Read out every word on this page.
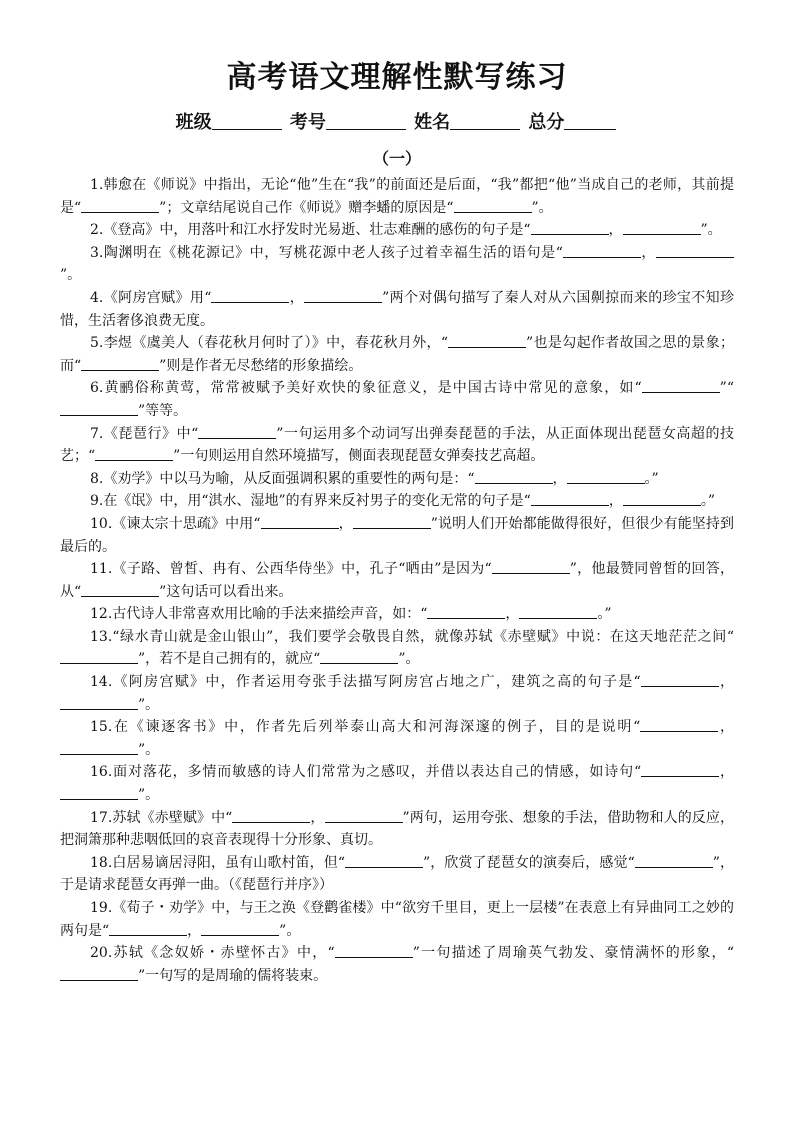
高考语文理解性默写练习
班级	考号	姓名	总分
（一）

1.韩愈在《师说》中指出，无论“他”生在“我”的前面还是后面，“我”都把“他”当成自己的老师，其前提是“	”；文章结尾说自己作《师说》赠李蟠的原因是“	”。

2.《登高》中，用落叶和江水抒发时光易逝、壮志难酬的感伤的句子是“	，	”。

3.陶渊明在《桃花源记》中，写桃花源中老人孩子过着幸福生活的语句是“	，”。

4.《阿房宫赋》用“	，	”两个对偶句描写了秦人对从六国劓掠而来的珍宝不知珍惜，生活奢侈浪费无度。

5.李煜《虞美人（春花秋月何时了）》中，春花秋月外，“	”也是勾起作者故国之思的景象；而“	”则是作者无尽愁绪的形象描绘。

6.黄鹂俗称黄莺，常常被赋予美好欢快的象征意义，是中国古诗中常见的意象，如“	”“”等等。

7.《琵琶行》中“	”一句运用多个动词写出弹奏琵琶的手法，从正面体现出琵琶女高超的技艺；“	”一句则运用自然环境描写，侧面表现琵琶女弹奏技艺高超。

8.《劝学》中以马为喻，从反面强调积累的重要性的两句是：“	，	。”

9.在《氓》中，用“淇水、湿地”的有界来反衬男子的变化无常的句子是“	，	。”

10.《谏太宗十思疏》中用“	，	”说明人们开始都能做得很好，但很少有能坚持到最后的。

11.《子路、曾皙、冉有、公西华侍坐》中，孔子“哂由”是因为“	”，他最赞同曾皙的回答，从“	”这句话可以看出来。

12.古代诗人非常喜欢用比喻的手法来描绘声音，如：“	，	。”

13.“绿水青山就是金山银山”，我们要学会敬畏自然，就像苏轼《赤壁赋》中说：在这天地茫茫之间“”，若不是自己拥有的，就应“	”。

14.《阿房宫赋》中，作者运用夸张手法描写阿房宫占地之广，建筑之高的句子是“	，”。

15.在《谏逐客书》中，作者先后列举泰山高大和河海深邃的例子，目的是说明“	，”。

16.面对落花，多情而敏感的诗人们常常为之感叹，并借以表达自己的情感，如诗句“	，”。

17.苏轼《赤壁赋》中“	，	”两句，运用夸张、想象的手法，借助物和人的反应，把洞箫那种悲咽低回的哀音表现得十分形象、真切。

18.白居易谪居浔阳，虽有山歌村笛，但“	”，欣赏了琵琶女的演奏后，感觉“	”，于是请求琵琶女再弹一曲。（《琵琶行并序》）

19.《荀子・劝学》中，与王之涣《登鹳雀楼》中“欲穷千里目，更上一层楼”在表意上有异曲同工之妙的两句是“	，	”。

20.苏轼《念奴娇・赤壁怀古》中，“	”一句描述了周瑜英气勃发、豪情满怀的形象，“”一句写的是周瑜的儒将装束。
